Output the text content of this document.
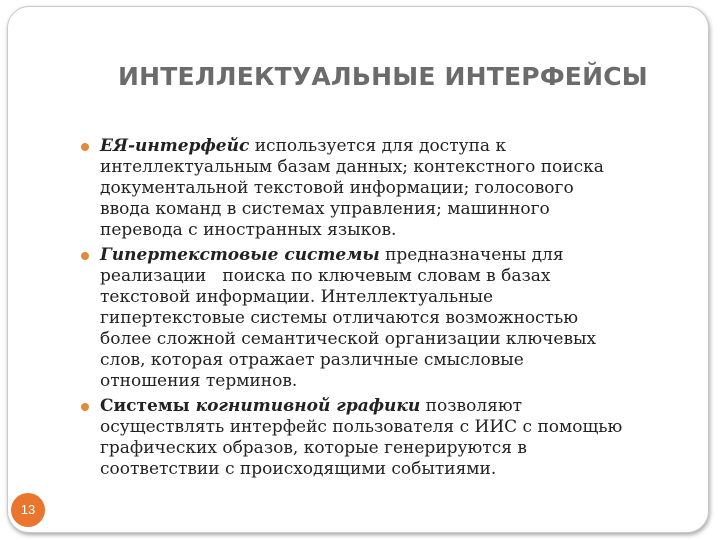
ИНТЕЛЛЕКТУАЛЬНЫЕ ИНТЕРФЕЙСЫ
ЕЯ-интерфейс используется для доступа к
интеллектуальным базам данных; контекстного поиска
документальной текстовой информации; голосового
ввода команд в системах управления; машинного
перевода с иностранных языков.
Гипертекстовые системы предназначены для
реализации   поиска по ключевым словам в базах
текстовой информации. Интеллектуальные
гипертекстовые системы отличаются возможностью
более сложной семантической организации ключевых
слов, которая отражает различные смысловые
отношения терминов.
Системы когнитивной графики позволяют
осуществлять интерфейс пользователя с ИИС с помощью
графических образов, которые генерируются в
соответствии с происходящими событиями.
13
